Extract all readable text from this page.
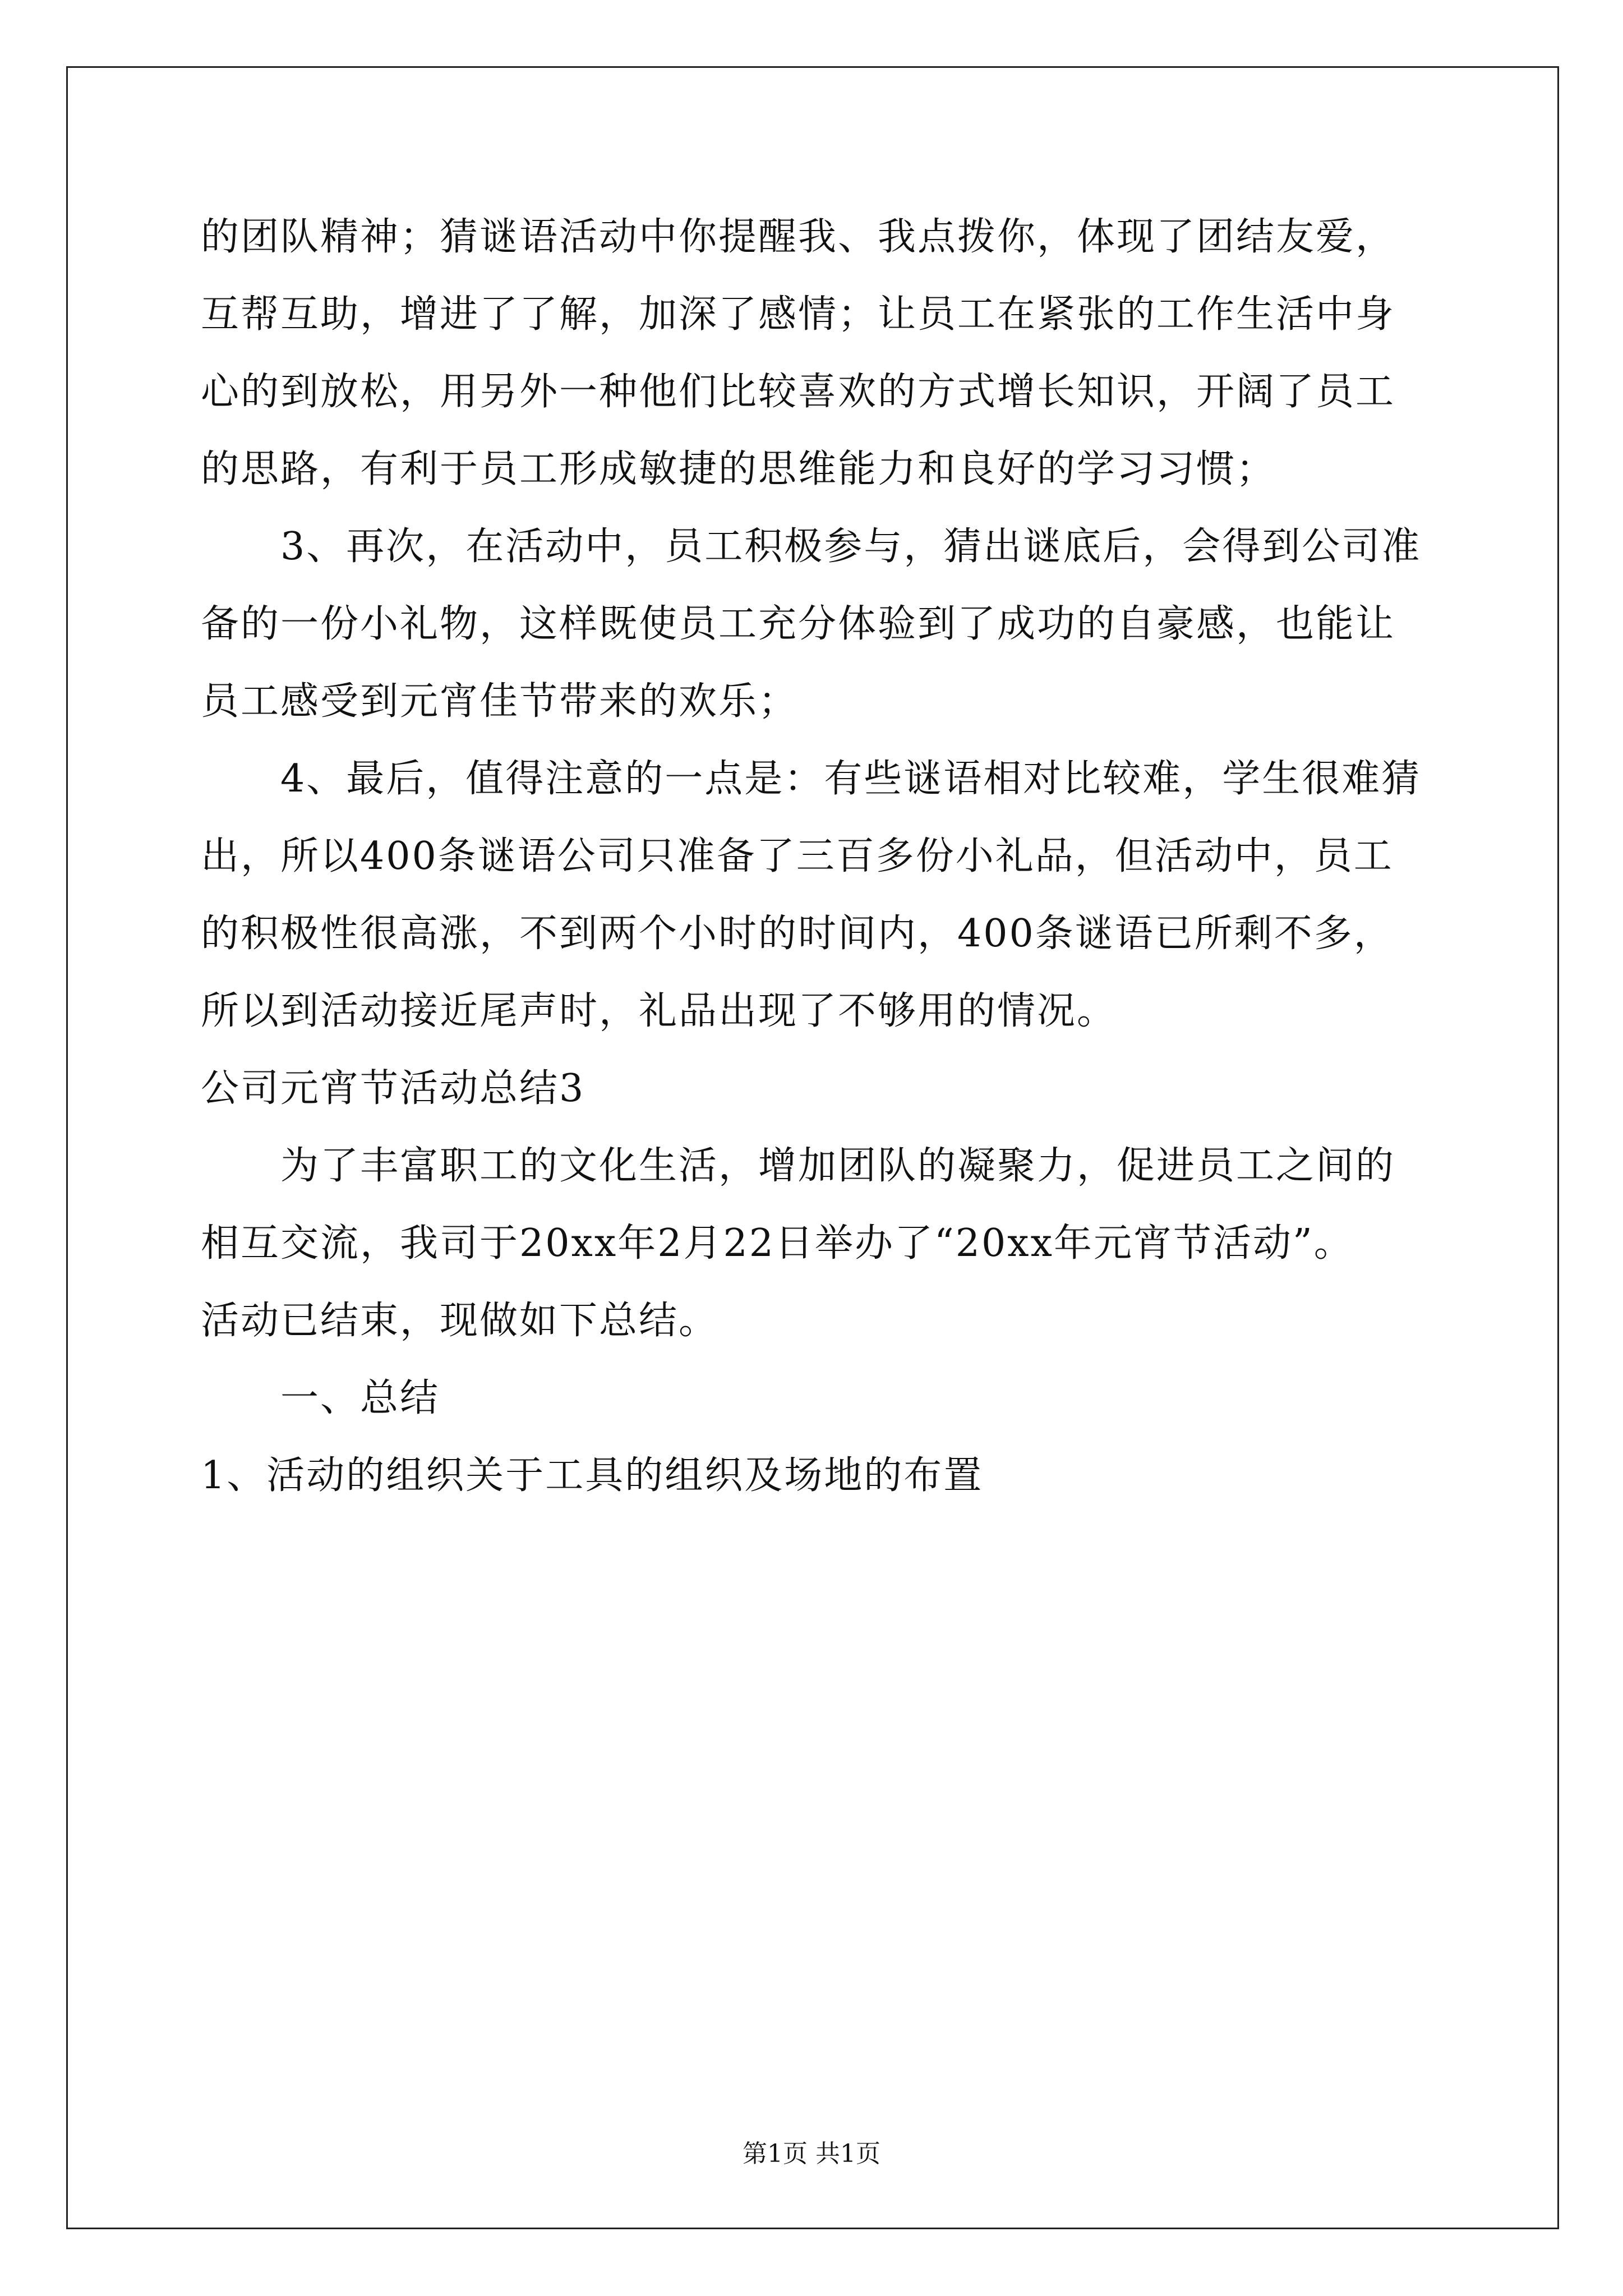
的团队精神；猜谜语活动中你提醒我、我点拨你，体现了团结友爱，
互帮互助，增进了了解，加深了感情；让员工在紧张的工作生活中身
心的到放松，用另外一种他们比较喜欢的方式增长知识，开阔了员工
的思路，有利于员工形成敏捷的思维能力和良好的学习习惯；
3、再次，在活动中，员工积极参与，猜出谜底后，会得到公司准
备的一份小礼物，这样既使员工充分体验到了成功的自豪感，也能让
员工感受到元宵佳节带来的欢乐；
4、最后，值得注意的一点是：有些谜语相对比较难，学生很难猜
出，所以400条谜语公司只准备了三百多份小礼品，但活动中，员工
的积极性很高涨，不到两个小时的时间内，400条谜语已所剩不多，
所以到活动接近尾声时，礼品出现了不够用的情况。
公司元宵节活动总结3
为了丰富职工的文化生活，增加团队的凝聚力，促进员工之间的
相互交流，我司于20xx年2月22日举办了“20xx年元宵节活动”。
活动已结束，现做如下总结。
一、总结
1、活动的组织关于工具的组织及场地的布置
第1页 共1页
